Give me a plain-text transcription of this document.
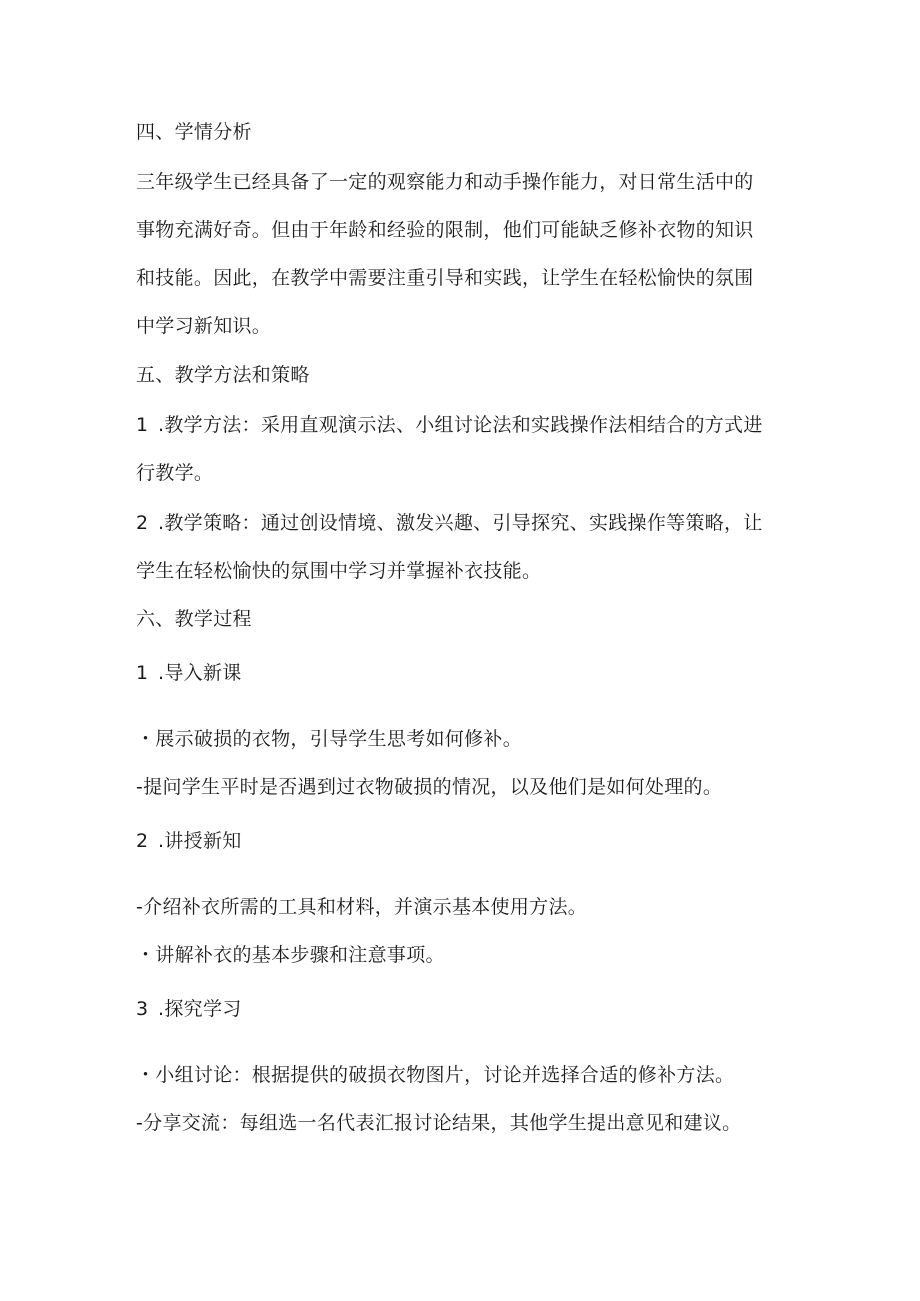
四、学情分析
三年级学生已经具备了一定的观察能力和动手操作能力，对日常生活中的
事物充满好奇。但由于年龄和经验的限制，他们可能缺乏修补衣物的知识
和技能。因此，在教学中需要注重引导和实践，让学生在轻松愉快的氛围
中学习新知识。
五、教学方法和策略
1 .教学方法：采用直观演示法、小组讨论法和实践操作法相结合的方式进
行教学。
2 .教学策略：通过创设情境、激发兴趣、引导探究、实践操作等策略，让
学生在轻松愉快的氛围中学习并掌握补衣技能。
六、教学过程
1 .导入新课
・展示破损的衣物，引导学生思考如何修补。
-提问学生平时是否遇到过衣物破损的情况，以及他们是如何处理的。
2 .讲授新知
-介绍补衣所需的工具和材料，并演示基本使用方法。
・讲解补衣的基本步骤和注意事项。
3 .探究学习
・小组讨论：根据提供的破损衣物图片，讨论并选择合适的修补方法。
-分享交流：每组选一名代表汇报讨论结果，其他学生提出意见和建议。
